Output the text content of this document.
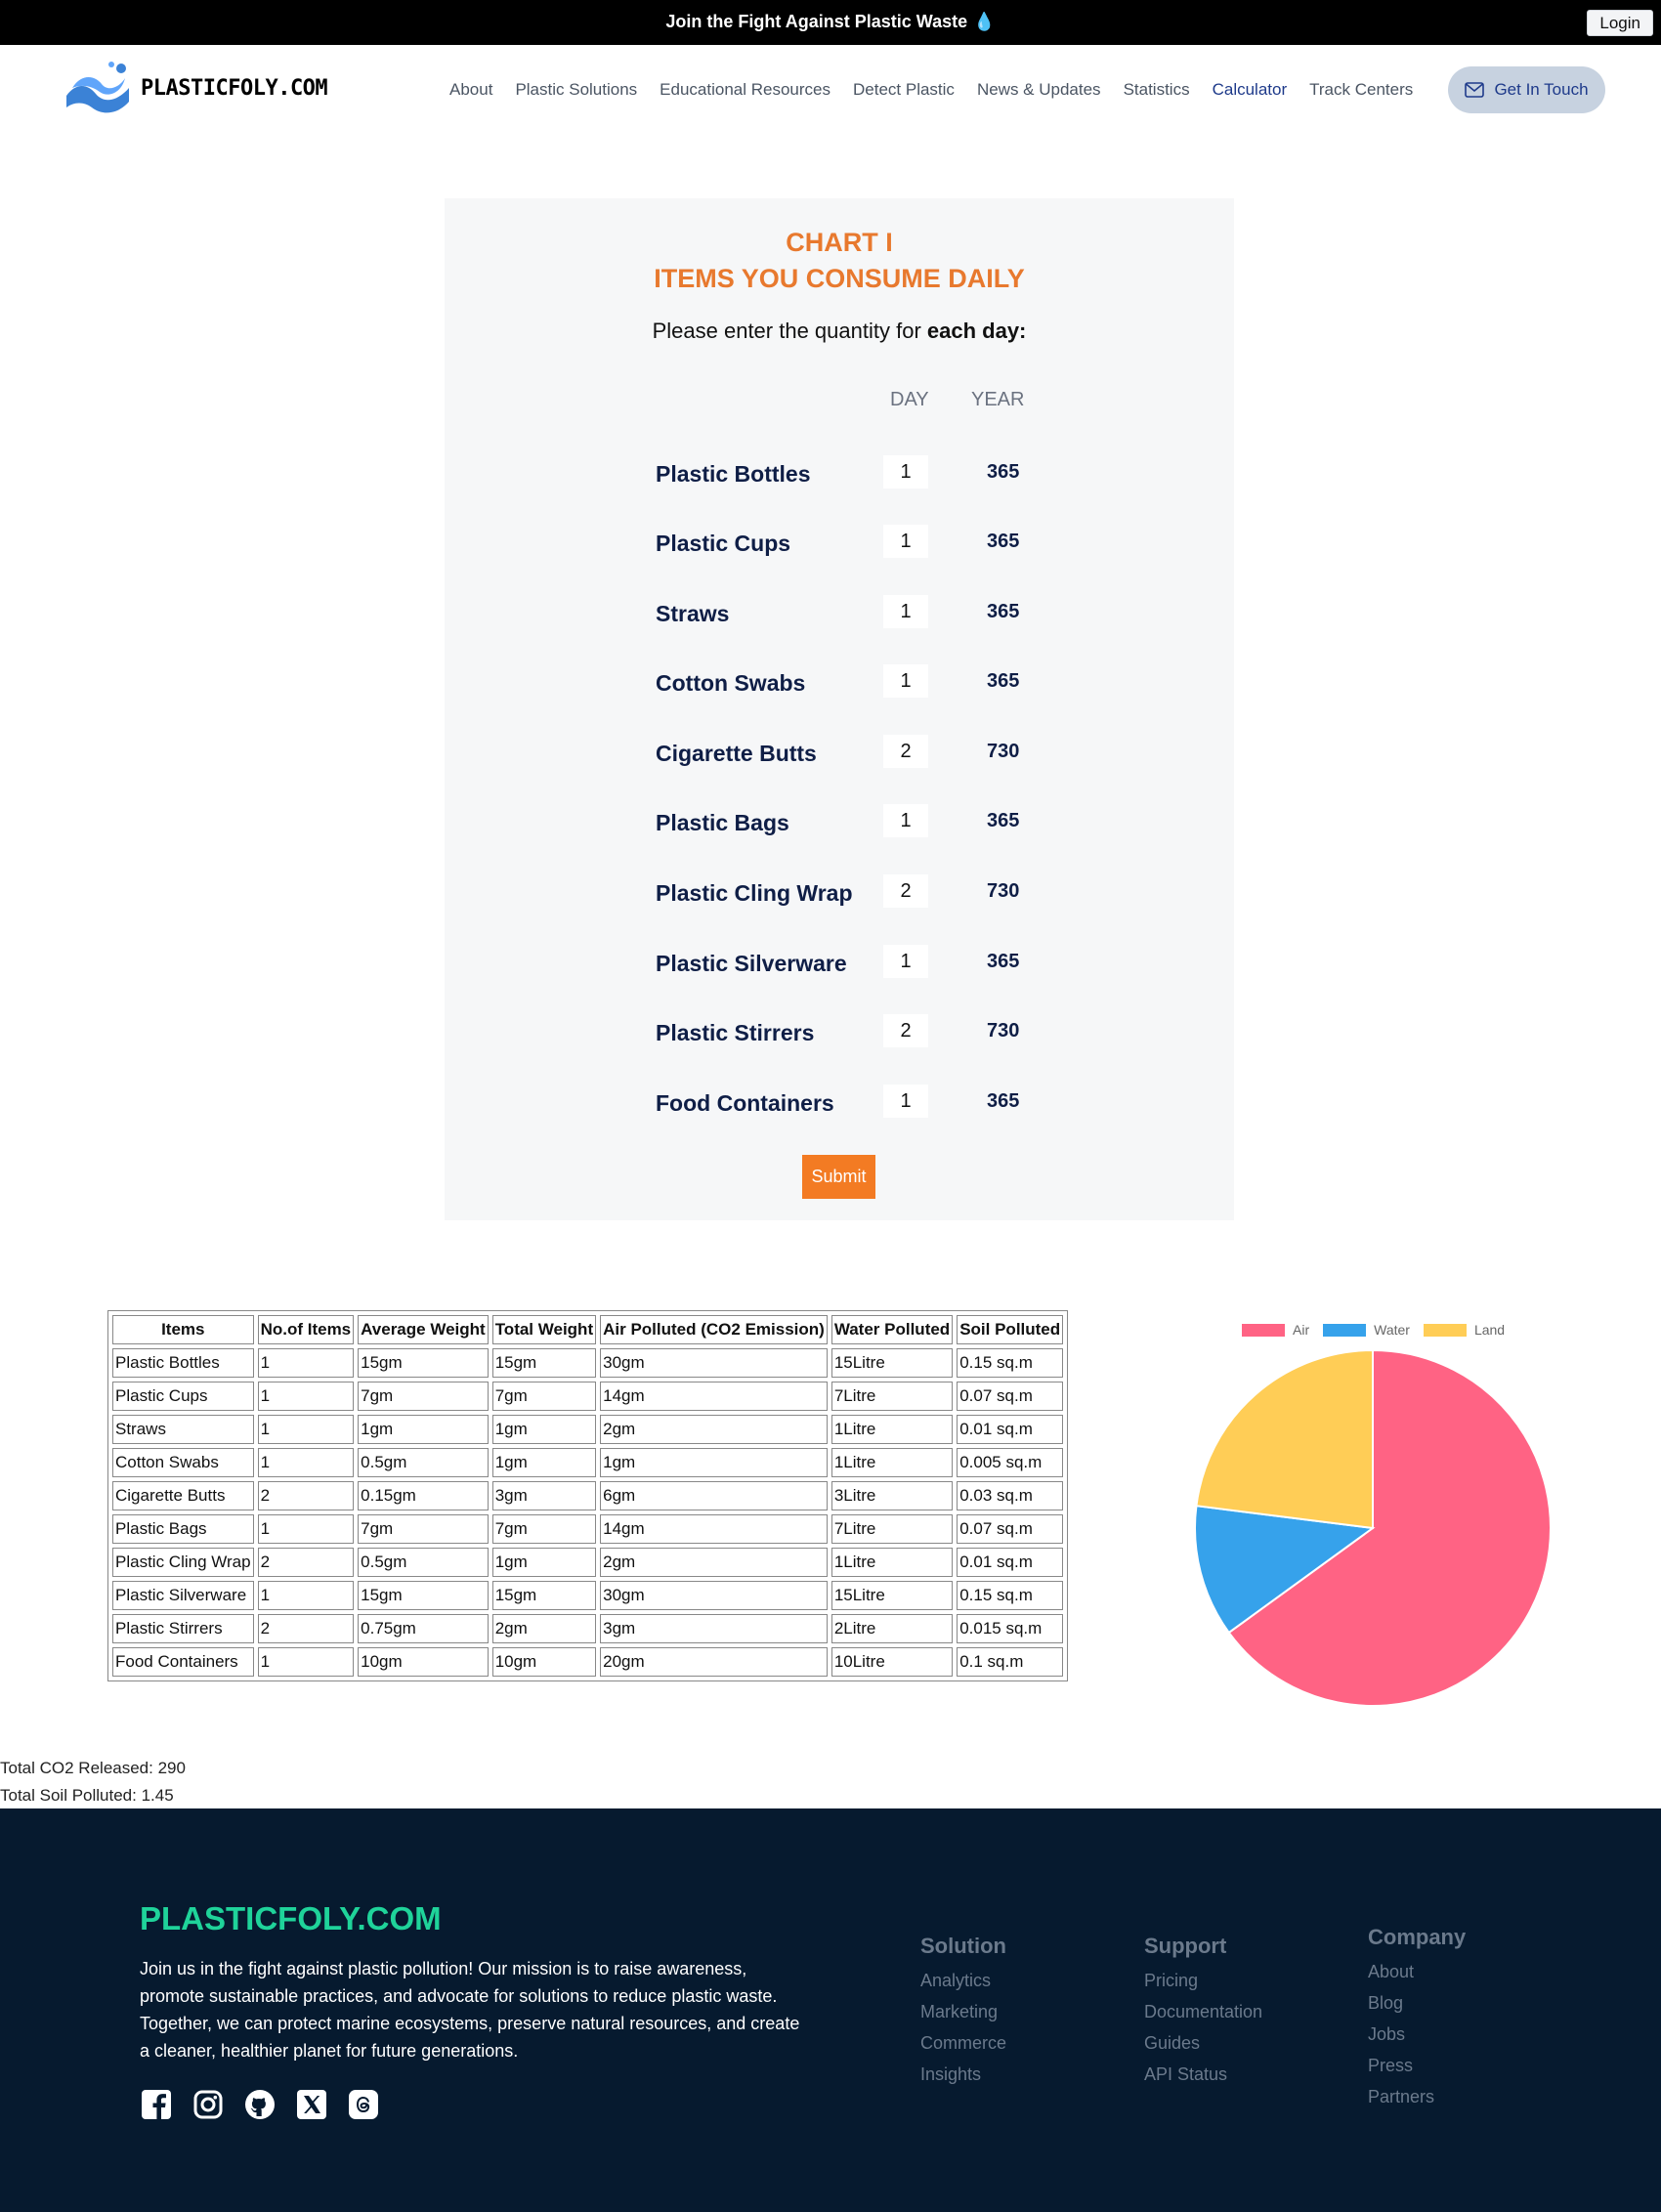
Join the Fight Against Plastic Waste 💧	Login
PLASTICFOLY.COM	About Plastic Solutions Educational Resources Detect Plastic News & Updates Statistics Calculator Track Centers	Get In Touch
CHART I
ITEMS YOU CONSUME DAILY
Please enter the quantity for each day:
DAY YEAR
Plastic Bottles
1	365
Plastic Cups
1	365
Straws
1	365
Cotton Swabs
1	365
Cigarette Butts
2	730
Plastic Bags
1	365
Plastic Cling Wrap
2	730
Plastic Silverware
1	365
Plastic Stirrers
2	730
Food Containers
1	365
Submit
Items	No.of Items	Average Weight	Total Weight	Air Polluted (CO2 Emission)	Water Polluted	Soil Polluted
Plastic Bottles	1	15gm	15gm	30gm	15Litre	0.15 sq.m
Plastic Cups	1	7gm	7gm	14gm	7Litre	0.07 sq.m
Straws	1	1gm	1gm	2gm	1Litre	0.01 sq.m
Cotton Swabs	1	0.5gm	1gm	1gm	1Litre	0.005 sq.m
Cigarette Butts	2	0.15gm	3gm	6gm	3Litre	0.03 sq.m
Plastic Bags	1	7gm	7gm	14gm	7Litre	0.07 sq.m
Plastic Cling Wrap	2	0.5gm	1gm	2gm	1Litre	0.01 sq.m
Plastic Silverware	1	15gm	15gm	30gm	15Litre	0.15 sq.m
Plastic Stirrers	2	0.75gm	2gm	3gm	2Litre	0.015 sq.m
Food Containers	1	10gm	10gm	20gm	10Litre	0.1 sq.m
Air	Water	Land
Total CO2 Released: 290
Total Soil Polluted: 1.45
PLASTICFOLY.COM
Join us in the fight against plastic pollution! Our mission is to raise awareness, promote sustainable practices, and advocate for solutions to reduce plastic waste. Together, we can protect marine ecosystems, preserve natural resources, and create a cleaner, healthier planet for future generations.
Solution
Analytics
Marketing
Commerce
Insights
Support
Pricing
Documentation
Guides
API Status
Company
About
Blog
Jobs
Press
Partners
